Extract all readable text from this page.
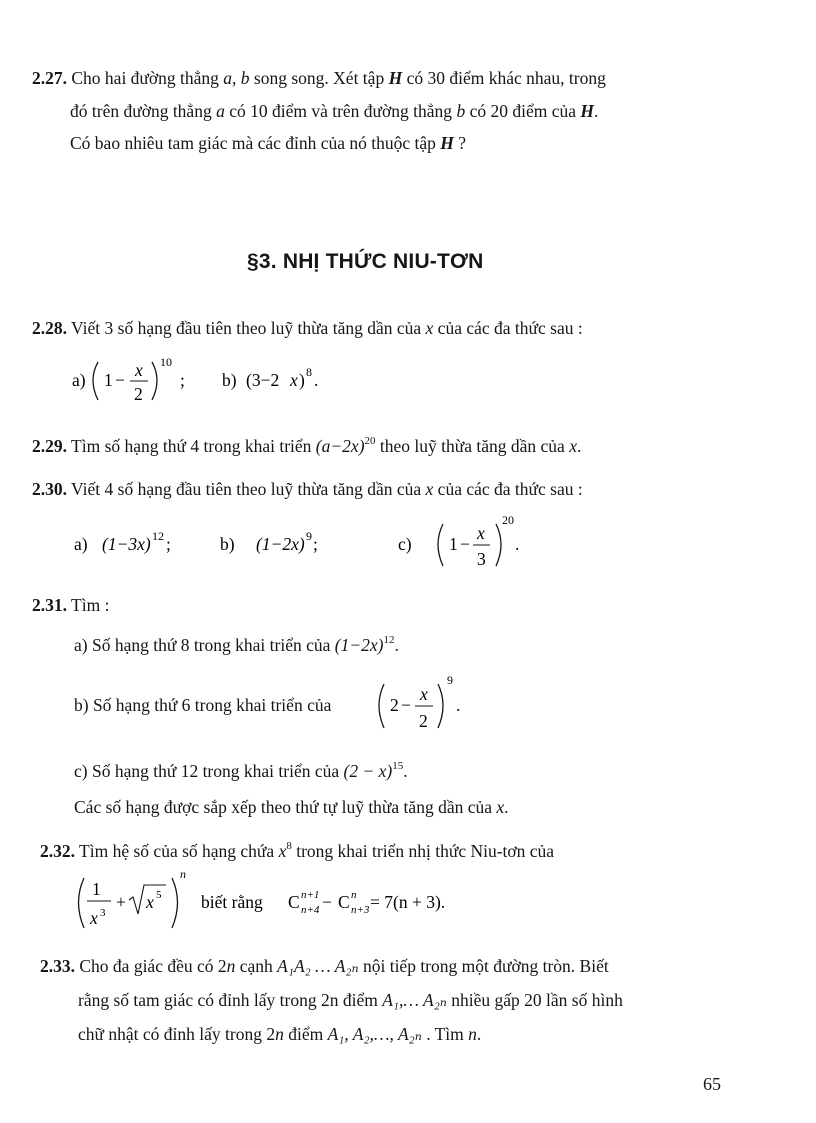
2.27. Cho hai đường thẳng a, b song song. Xét tập H có 30 điểm khác nhau, trong
đó trên đường thẳng a có 10 điểm và trên đường thẳng b có 20 điểm của H.
Có bao nhiêu tam giác mà các đỉnh của nó thuộc tập H ?
§3. NHỊ THỨC NIU-TƠN
2.28. Viết 3 số hạng đầu tiên theo luỹ thừa tăng dần của x của các đa thức sau :
a) 1 − x
2
10
; b) (3−2 x ) 8 .
2.29. Tìm số hạng thứ 4 trong khai triển $(a-2x)^{20}$ theo luỹ thừa tăng dần của x.
2.30. Viết 4 số hạng đầu tiên theo luỹ thừa tăng dần của x của các đa thức sau :
a) (1−3x) 12 ;	b) (1−2x) 9 ;	c) 1 −
x
3
20
.
2.31. Tìm :
a) Số hạng thứ 8 trong khai triển của $(1-2x)^{12}$.
b) Số hạng thứ 6 trong khai triển của	2 −
x
2
9
.
c) Số hạng thứ 12 trong khai triển của $(2 - x)^{15}$.
Các số hạng được sắp xếp theo thứ tự luỹ thừa tăng dần của x.
2.32. Tìm hệ số của số hạng chứa $x^8$ trong khai triển nhị thức Niu-tơn của
1
x 3
+ x 5
n
biết rằng C n+1
n+4 − C n
n+3 = 7(n + 3).
2.33. Cho đa giác đều có 2n cạnh A₁A₂ … A₂ₙ nội tiếp trong một đường tròn. Biết
rằng số tam giác có đỉnh lấy trong 2n điểm A₁,… A₂ₙ nhiều gấp 20 lần số hình
chữ nhật có đỉnh lấy trong 2n điểm A₁, A₂,…, A₂ₙ . Tìm n.
65
